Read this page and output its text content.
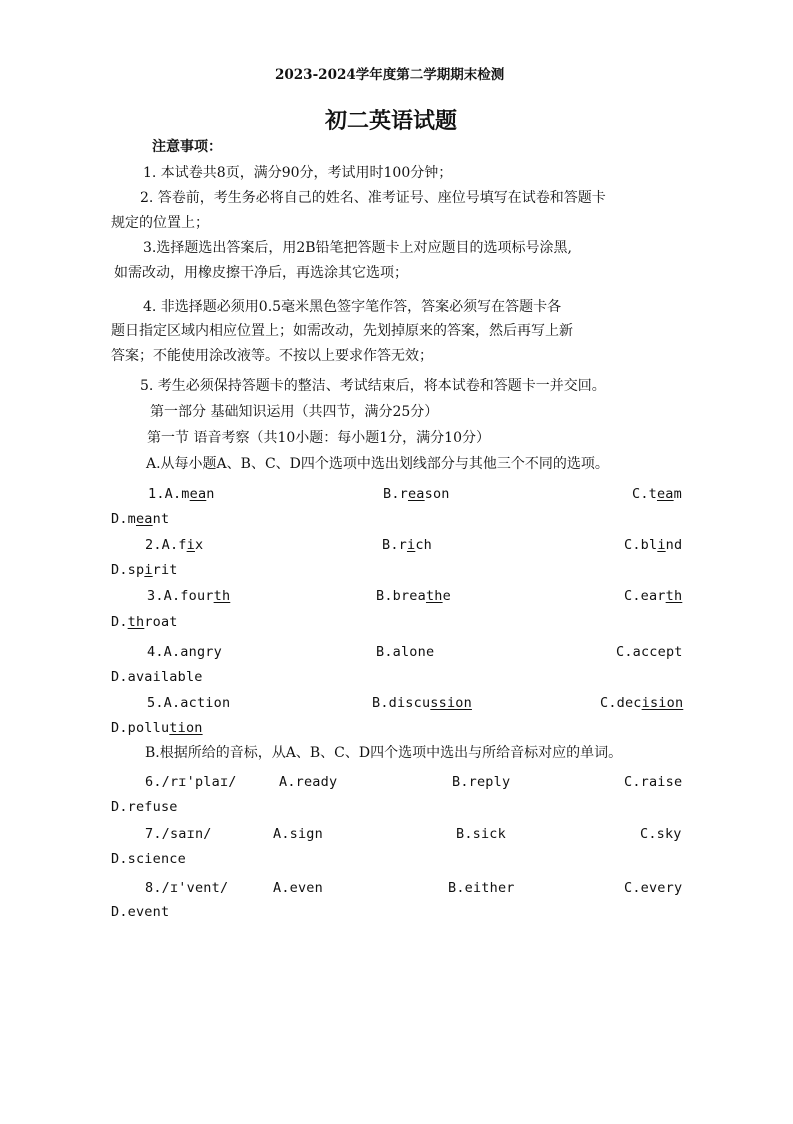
2023-2024学年度第二学期期末检测
初二英语试题
注意事项：
1. 本试卷共8页，满分90分，考试用时100分钟；
2. 答卷前，考生务必将自己的姓名、准考证号、座位号填写在试卷和答题卡
规定的位置上；
3.选择题选出答案后，用2B铅笔把答题卡上对应题目的选项标号涂黑,
如需改动，用橡皮擦干净后，再选涂其它选项；
4. 非选择题必须用0.5毫米黑色签字笔作答，答案必须写在答题卡各
题日指定区域内相应位置上；如需改动，先划掉原来的答案，然后再写上新
答案；不能使用涂改液等。不按以上要求作答无效；
5. 考生必须保持答题卡的整洁、考试结束后，将本试卷和答题卡一并交回。
第一部分 基础知识运用（共四节，满分25分）
第一节 语音考察（共10小题：每小题1分，满分10分）
A.从每小题A、B、C、D四个选项中选出划线部分与其他三个不同的选项。
1.A.mean	B.reason	C.team
D.meant
2.A.fix	B.rich	C.blind
D.spirit
3.A.fourth	B.breathe	C.earth
D.throat
4.A.angry	B.alone	C.accept
D.available
5.A.action	B.discussion	C.decision
D.pollution
B.根据所给的音标，从A、B、C、D四个选项中选出与所给音标对应的单词。
6./rɪ'plaɪ/	A.ready	B.reply	C.raise
D.refuse
7./saɪn/	A.sign	B.sick	C.sky
D.science
8./ɪ'vent/	A.even	B.either	C.every
D.event
